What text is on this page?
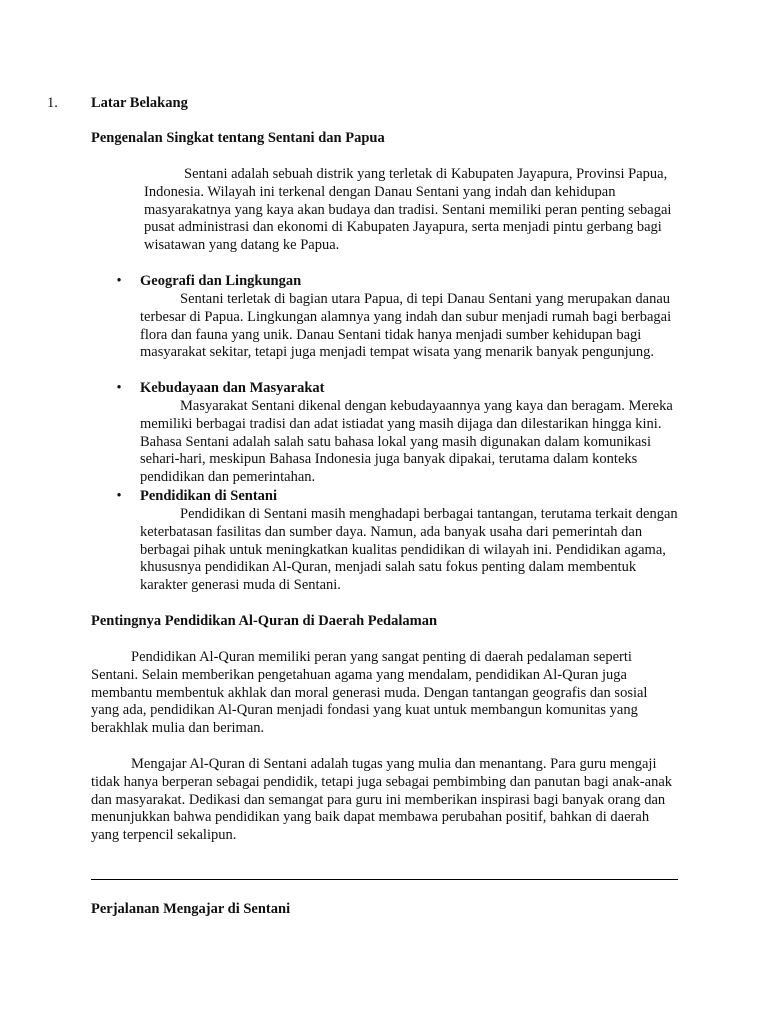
1. Latar Belakang
Pengenalan Singkat tentang Sentani dan Papua

Sentani adalah sebuah distrik yang terletak di Kabupaten Jayapura, Provinsi Papua, Indonesia. Wilayah ini terkenal dengan Danau Sentani yang indah dan kehidupan masyarakatnya yang kaya akan budaya dan tradisi. Sentani memiliki peran penting sebagai pusat administrasi dan ekonomi di Kabupaten Jayapura, serta menjadi pintu gerbang bagi wisatawan yang datang ke Papua.

• Geografi dan Lingkungan

Sentani terletak di bagian utara Papua, di tepi Danau Sentani yang merupakan danau terbesar di Papua. Lingkungan alamnya yang indah dan subur menjadi rumah bagi berbagai flora dan fauna yang unik. Danau Sentani tidak hanya menjadi sumber kehidupan bagi masyarakat sekitar, tetapi juga menjadi tempat wisata yang menarik banyak pengunjung.

• Kebudayaan dan Masyarakat

Masyarakat Sentani dikenal dengan kebudayaannya yang kaya dan beragam. Mereka memiliki berbagai tradisi dan adat istiadat yang masih dijaga dan dilestarikan hingga kini. Bahasa Sentani adalah salah satu bahasa lokal yang masih digunakan dalam komunikasi sehari-hari, meskipun Bahasa Indonesia juga banyak dipakai, terutama dalam konteks pendidikan dan pemerintahan.

• Pendidikan di Sentani

Pendidikan di Sentani masih menghadapi berbagai tantangan, terutama terkait dengan keterbatasan fasilitas dan sumber daya. Namun, ada banyak usaha dari pemerintah dan berbagai pihak untuk meningkatkan kualitas pendidikan di wilayah ini. Pendidikan agama, khususnya pendidikan Al-Quran, menjadi salah satu fokus penting dalam membentuk karakter generasi muda di Sentani.

Pentingnya Pendidikan Al-Quran di Daerah Pedalaman

Pendidikan Al-Quran memiliki peran yang sangat penting di daerah pedalaman seperti Sentani. Selain memberikan pengetahuan agama yang mendalam, pendidikan Al-Quran juga membantu membentuk akhlak dan moral generasi muda. Dengan tantangan geografis dan sosial yang ada, pendidikan Al-Quran menjadi fondasi yang kuat untuk membangun komunitas yang berakhlak mulia dan beriman.

Mengajar Al-Quran di Sentani adalah tugas yang mulia dan menantang. Para guru mengaji tidak hanya berperan sebagai pendidik, tetapi juga sebagai pembimbing dan panutan bagi anak-anak dan masyarakat. Dedikasi dan semangat para guru ini memberikan inspirasi bagi banyak orang dan menunjukkan bahwa pendidikan yang baik dapat membawa perubahan positif, bahkan di daerah yang terpencil sekalipun.

Perjalanan Mengajar di Sentani
